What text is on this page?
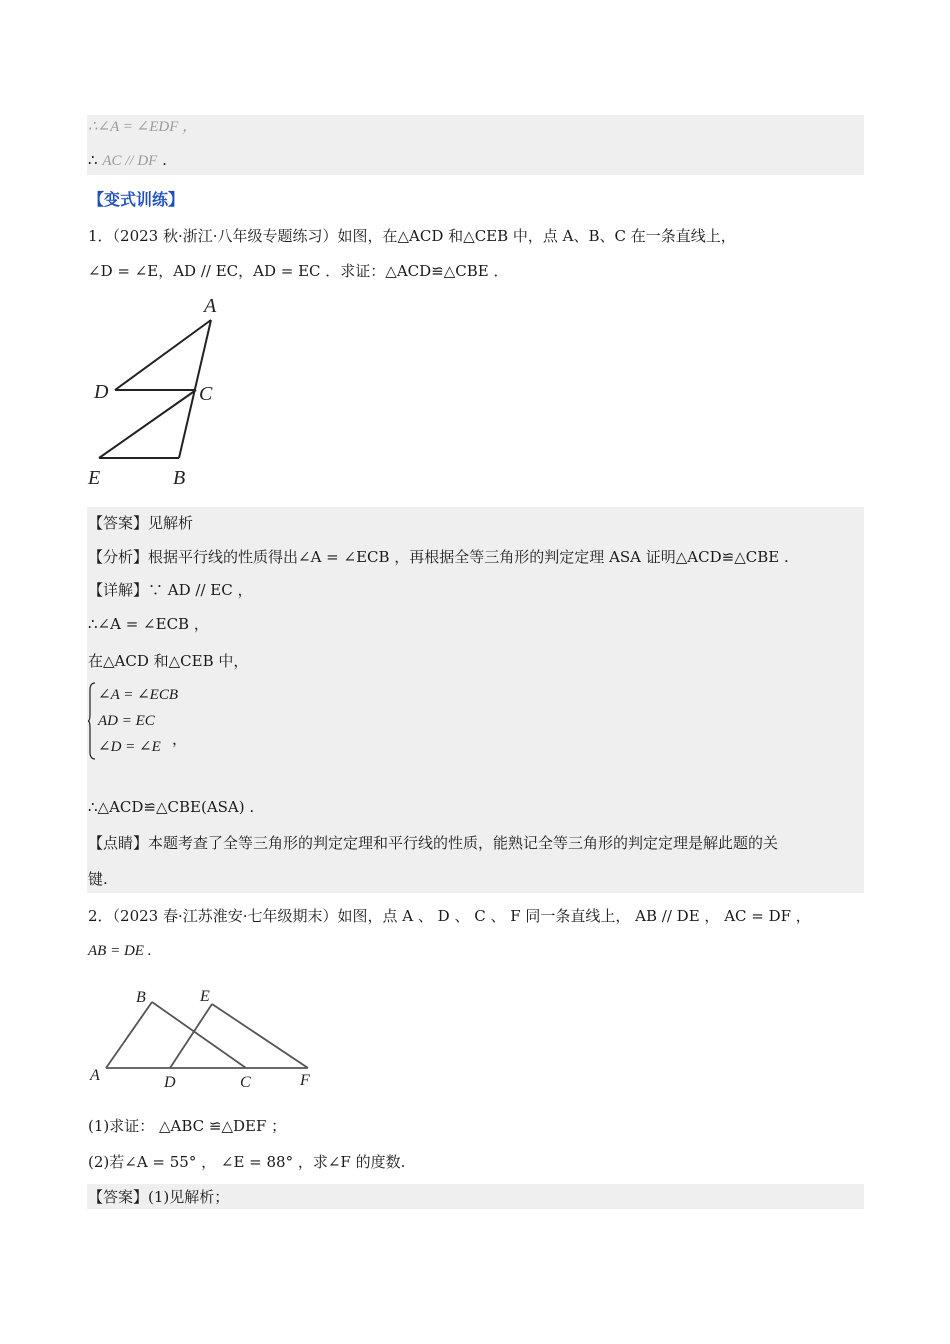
∴∠A = ∠EDF ，
∴ AC // DF .
【变式训练】
1．（2023 秋·浙江·八年级专题练习）如图，在△ACD 和△CEB 中，点 A、B、C 在一条直线上，
∠D = ∠E，AD // EC，AD = EC ．求证：△ACD≌△CBE ．
A
D	C
E	B
【答案】见解析
【分析】根据平行线的性质得出∠A = ∠ECB ，再根据全等三角形的判定定理 ASA 证明△ACD≌△CBE .
【详解】∵ AD // EC ，
∴∠A = ∠ECB ，
在△ACD 和△CEB 中，
∠A = ∠ECB
AD = EC
∠D = ∠E ，
∴△ACD≌△CBE(ASA) .
【点睛】本题考查了全等三角形的判定定理和平行线的性质，能熟记全等三角形的判定定理是解此题的关
键.
2．（2023 春·江苏淮安·七年级期末）如图，点 A 、 D 、 C 、 F 同一条直线上， AB // DE ， AC = DF ，
AB = DE .
B	E
A	D	C	F
(1)求证： △ABC ≌△DEF ；
(2)若∠A = 55° ， ∠E = 88° ，求∠F 的度数.
【答案】(1)见解析；
